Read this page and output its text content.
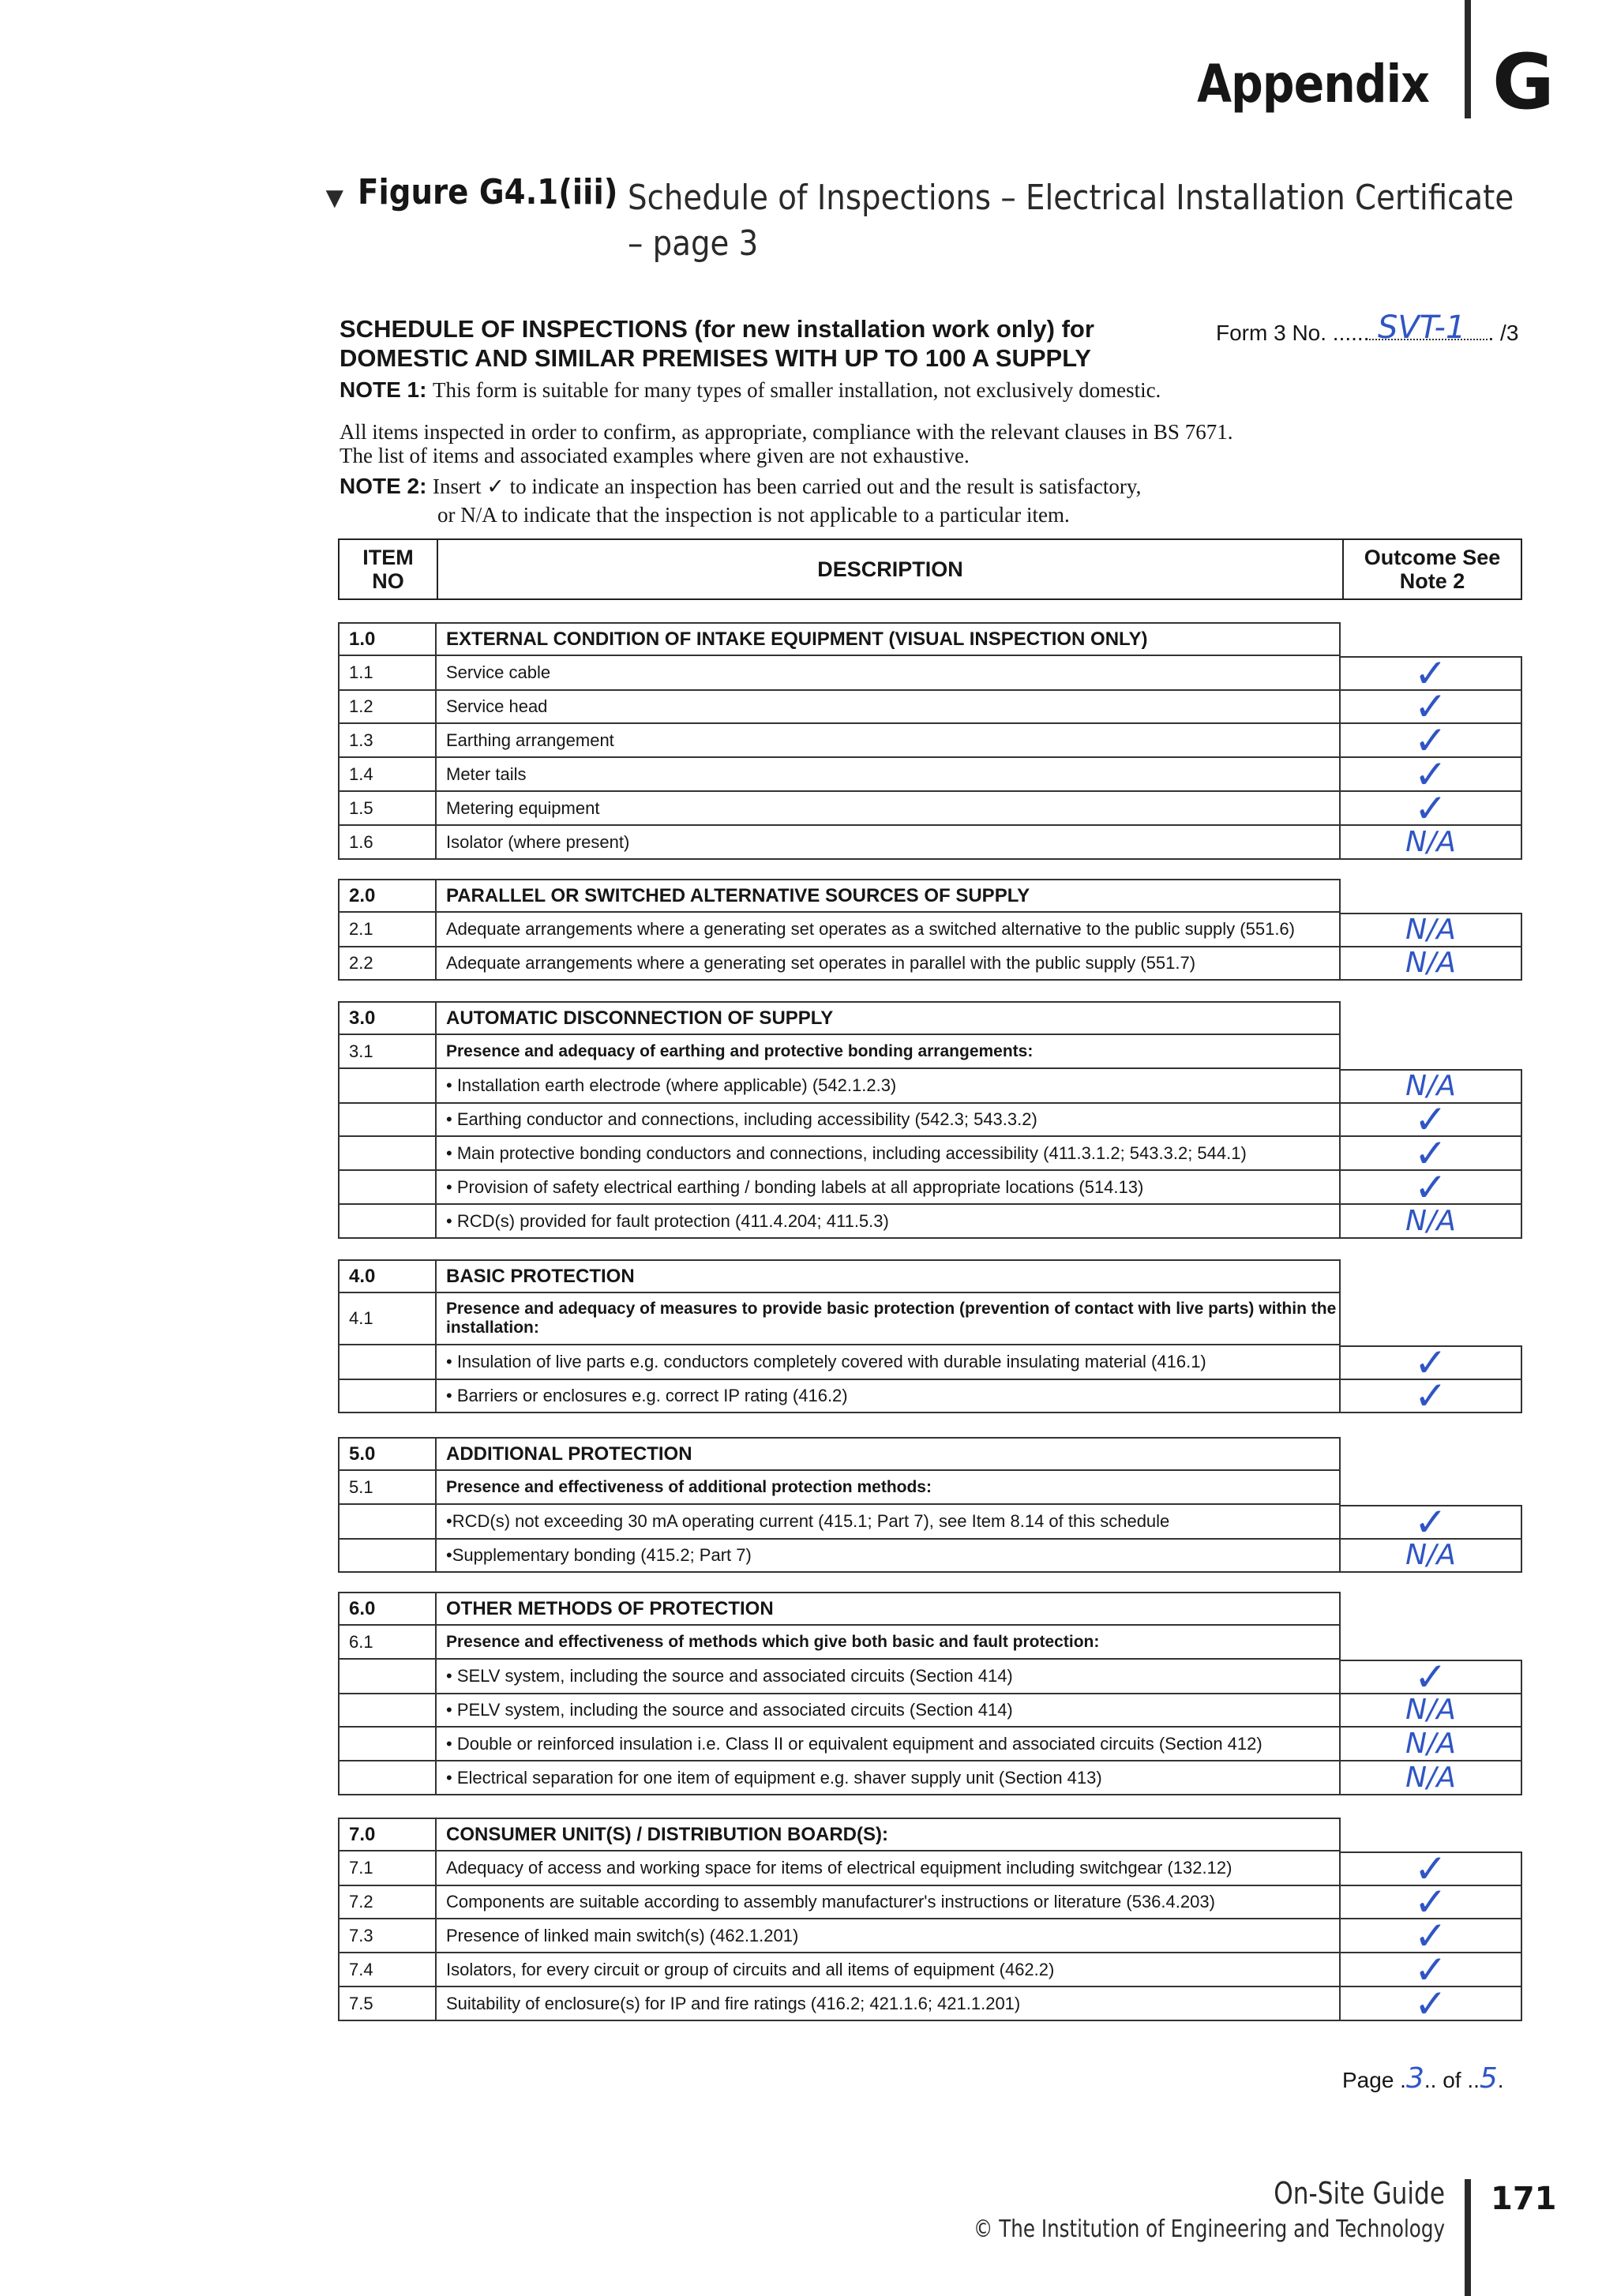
Appendix G
▼ Figure G4.1(iii) Schedule of Inspections – Electrical Installation Certificate – page 3
SCHEDULE OF INSPECTIONS (for new installation work only) for
DOMESTIC AND SIMILAR PREMISES WITH UP TO 100 A SUPPLY
Form 3 No. ......	. /3
SVT-1
NOTE 1: This form is suitable for many types of smaller installation, not exclusively domestic.
All items inspected in order to confirm, as appropriate, compliance with the relevant clauses in BS 7671.
The list of items and associated examples where given are not exhaustive.
NOTE 2: Insert ✓ to indicate an inspection has been carried out and the result is satisfactory,
or N/A to indicate that the inspection is not applicable to a particular item.
ITEM NO	DESCRIPTION	Outcome See Note 2
1.0	EXTERNAL CONDITION OF INTAKE EQUIPMENT (VISUAL INSPECTION ONLY)
1.1	Service cable	✓
1.2	Service head	✓
1.3	Earthing arrangement	✓
1.4	Meter tails	✓
1.5	Metering equipment	✓
1.6	Isolator (where present)	N/A
2.0	PARALLEL OR SWITCHED ALTERNATIVE SOURCES OF SUPPLY
2.1	Adequate arrangements where a generating set operates as a switched alternative to the public supply (551.6)	N/A
2.2	Adequate arrangements where a generating set operates in parallel with the public supply (551.7)	N/A
3.0	AUTOMATIC DISCONNECTION OF SUPPLY
3.1	Presence and adequacy of earthing and protective bonding arrangements:
• Installation earth electrode (where applicable) (542.1.2.3)	N/A
• Earthing conductor and connections, including accessibility (542.3; 543.3.2)	✓
• Main protective bonding conductors and connections, including accessibility (411.3.1.2; 543.3.2; 544.1)	✓
• Provision of safety electrical earthing / bonding labels at all appropriate locations (514.13)	✓
• RCD(s) provided for fault protection (411.4.204; 411.5.3)	N/A
4.0	BASIC PROTECTION
4.1	Presence and adequacy of measures to provide basic protection (prevention of contact with live parts) within the installation:
• Insulation of live parts e.g. conductors completely covered with durable insulating material (416.1)	✓
• Barriers or enclosures e.g. correct IP rating (416.2)	✓
5.0	ADDITIONAL PROTECTION
5.1	Presence and effectiveness of additional protection methods:
•RCD(s) not exceeding 30 mA operating current (415.1; Part 7), see Item 8.14 of this schedule	✓
•Supplementary bonding (415.2; Part 7)	N/A
6.0	OTHER METHODS OF PROTECTION
6.1	Presence and effectiveness of methods which give both basic and fault protection:
• SELV system, including the source and associated circuits (Section 414)	✓
• PELV system, including the source and associated circuits (Section 414)	N/A
• Double or reinforced insulation i.e. Class II or equivalent equipment and associated circuits (Section 412)	N/A
• Electrical separation for one item of equipment e.g. shaver supply unit (Section 413)	N/A
7.0	CONSUMER UNIT(S) / DISTRIBUTION BOARD(S):
7.1	Adequacy of access and working space for items of electrical equipment including switchgear (132.12)	✓
7.2	Components are suitable according to assembly manufacturer's instructions or literature (536.4.203)	✓
7.3	Presence of linked main switch(s) (462.1.201)	✓
7.4	Isolators, for every circuit or group of circuits and all items of equipment (462.2)	✓
7.5	Suitability of enclosure(s) for IP and fire ratings (416.2; 421.1.6; 421.1.201)	✓
Page .3.. of ..5.
On-Site Guide
© The Institution of Engineering and Technology
171
